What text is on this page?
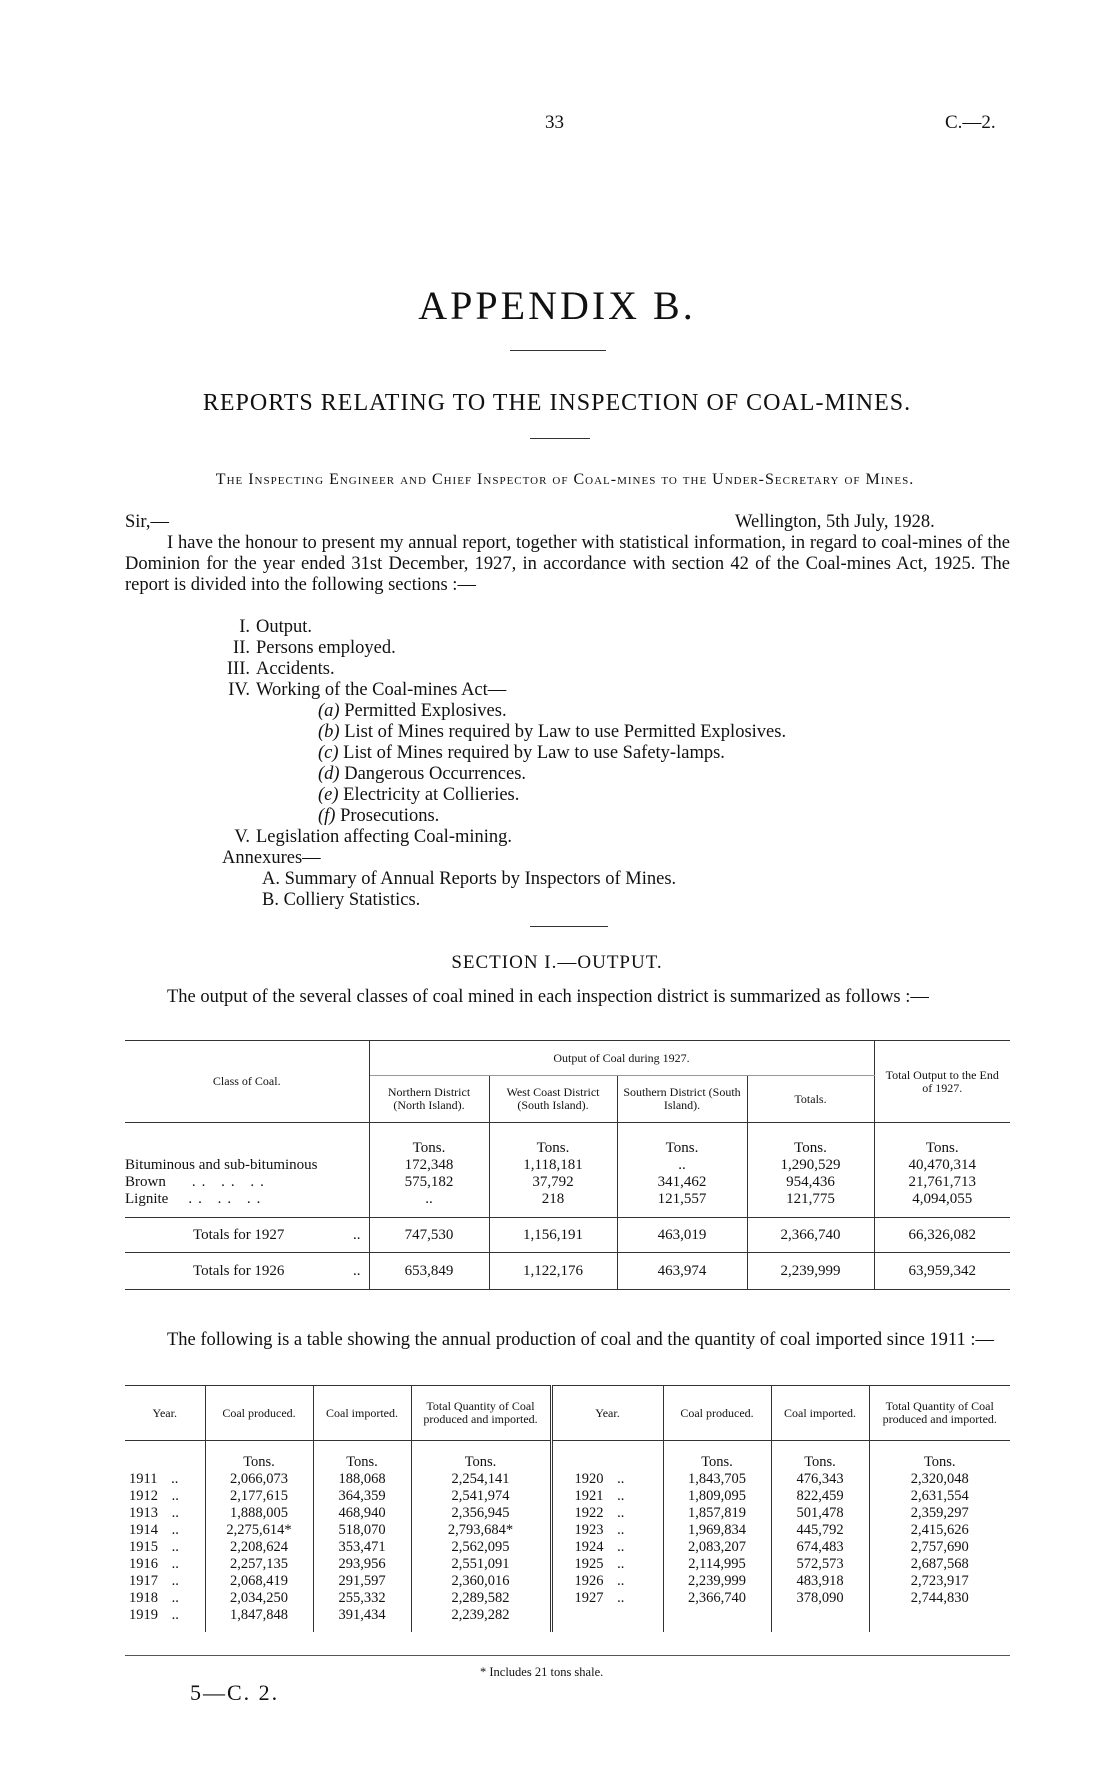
33	C.—2.
APPENDIX B.
REPORTS RELATING TO THE INSPECTION OF COAL-MINES.
The Inspecting Engineer and Chief Inspector of Coal-mines to the Under-Secretary of Mines.
Sir,—	Wellington, 5th July, 1928.
I have the honour to present my annual report, together with statistical information, in regard to coal-mines of the Dominion for the year ended 31st December, 1927, in accordance with section 42 of the Coal-mines Act, 1925. The report is divided into the following sections :—
I. Output.
II. Persons employed.
III. Accidents.
IV. Working of the Coal-mines Act—
(a) Permitted Explosives.
(b) List of Mines required by Law to use Permitted Explosives.
(c) List of Mines required by Law to use Safety-lamps.
(d) Dangerous Occurrences.
(e) Electricity at Collieries.
(f) Prosecutions.
V. Legislation affecting Coal-mining.
Annexures—
A. Summary of Annual Reports by Inspectors of Mines.
B. Colliery Statistics.
SECTION I.—OUTPUT.
The output of the several classes of coal mined in each inspection district is summarized as follows :—
Class of Coal.	Output of Coal during 1927.				Total Output to the End of 1927.
	Northern District (North Island).	West Coast District (South Island).	Southern District (South Island).	Totals.	
	Tons.	Tons.	Tons.	Tons.	Tons.
Bituminous and sub-bituminous	172,348	1,118,181	..	1,290,529	40,470,314
Brown .. .. ..	575,182	37,792	341,462	954,436	21,761,713
Lignite .. .. ..	..	218	121,557	121,775	4,094,055
Totals for 1927 ..	747,530	1,156,191	463,019	2,366,740	66,326,082
Totals for 1926 ..	653,849	1,122,176	463,974	2,239,999	63,959,342
The following is a table showing the annual production of coal and the quantity of coal imported since 1911 :—
Year.	Coal produced.	Coal imported.	Total Quantity of Coal produced and imported.	Year.	Coal produced.	Coal imported.	Total Quantity of Coal produced and imported.
	Tons.	Tons.	Tons.		Tons.	Tons.	Tons.
1911 ..	2,066,073	188,068	2,254,141	1920 ..	1,843,705	476,343	2,320,048
1912 ..	2,177,615	364,359	2,541,974	1921 ..	1,809,095	822,459	2,631,554
1913 ..	1,888,005	468,940	2,356,945	1922 ..	1,857,819	501,478	2,359,297
1914 ..	2,275,614*	518,070	2,793,684*	1923 ..	1,969,834	445,792	2,415,626
1915 ..	2,208,624	353,471	2,562,095	1924 ..	2,083,207	674,483	2,757,690
1916 ..	2,257,135	293,956	2,551,091	1925 ..	2,114,995	572,573	2,687,568
1917 ..	2,068,419	291,597	2,360,016	1926 ..	2,239,999	483,918	2,723,917
1918 ..	2,034,250	255,332	2,289,582	1927 ..	2,366,740	378,090	2,744,830
1919 ..	1,847,848	391,434	2,239,282				
* Includes 21 tons shale.
5—C. 2.
